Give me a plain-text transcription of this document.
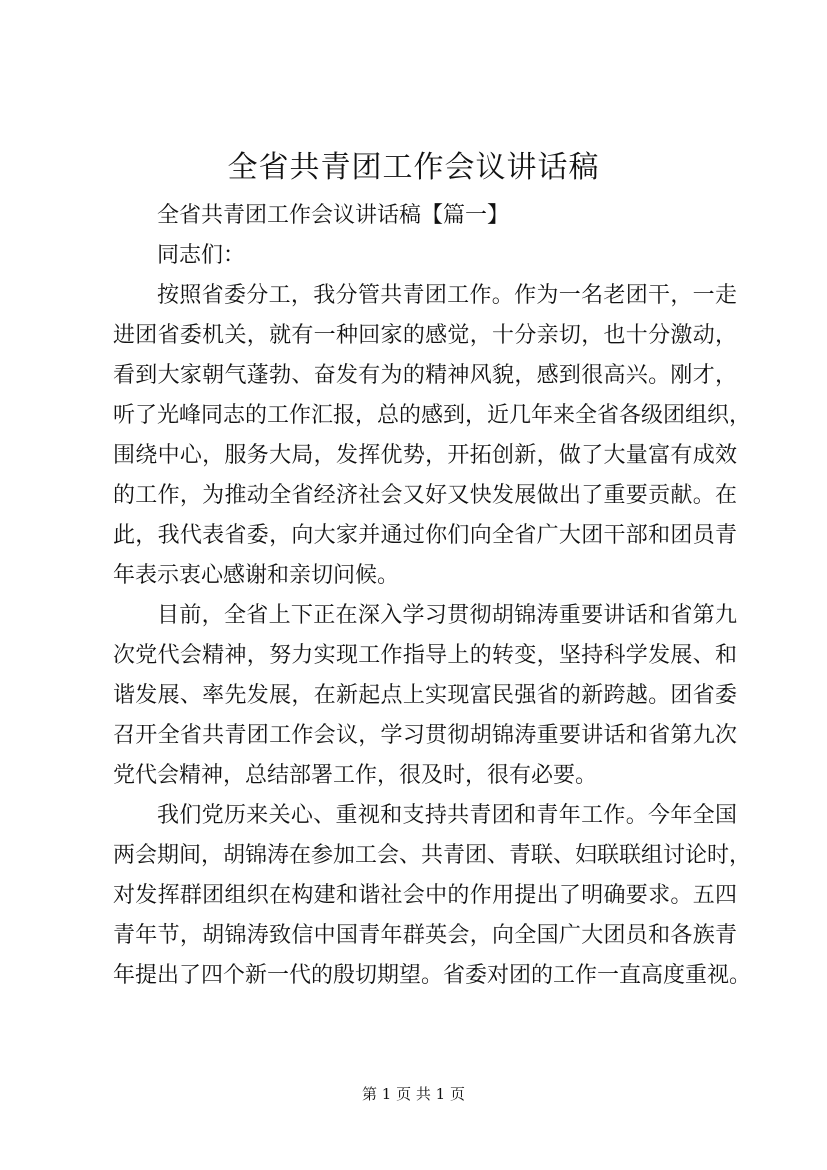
全省共青团工作会议讲话稿
全省共青团工作会议讲话稿【篇一】
同志们：
按照省委分工，我分管共青团工作。作为一名老团干，一走
进团省委机关，就有一种回家的感觉，十分亲切，也十分激动，
看到大家朝气蓬勃、奋发有为的精神风貌，感到很高兴。刚才，
听了光峰同志的工作汇报，总的感到，近几年来全省各级团组织，
围绕中心，服务大局，发挥优势，开拓创新，做了大量富有成效
的工作，为推动全省经济社会又好又快发展做出了重要贡献。在
此，我代表省委，向大家并通过你们向全省广大团干部和团员青
年表示衷心感谢和亲切问候。
目前，全省上下正在深入学习贯彻胡锦涛重要讲话和省第九
次党代会精神，努力实现工作指导上的转变，坚持科学发展、和
谐发展、率先发展，在新起点上实现富民强省的新跨越。团省委
召开全省共青团工作会议，学习贯彻胡锦涛重要讲话和省第九次
党代会精神，总结部署工作，很及时，很有必要。
我们党历来关心、重视和支持共青团和青年工作。今年全国
两会期间，胡锦涛在参加工会、共青团、青联、妇联联组讨论时，
对发挥群团组织在构建和谐社会中的作用提出了明确要求。五四
青年节，胡锦涛致信中国青年群英会，向全国广大团员和各族青
年提出了四个新一代的殷切期望。省委对团的工作一直高度重视。
第 1 页 共 1 页
